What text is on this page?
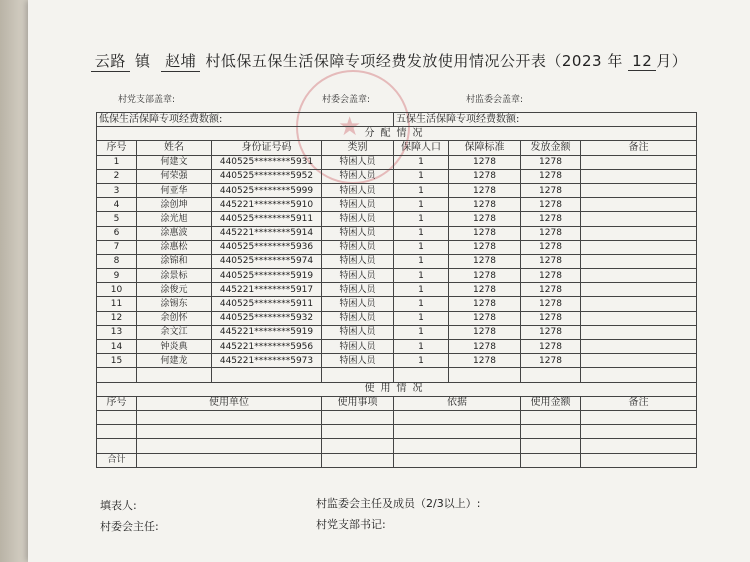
云路 镇 赵埔 村低保五保生活保障专项经费发放使用情况公开表（2023 年 12 月）
★
村党支部盖章:	村委会盖章:	村监委会盖章:
低保生活保障专项经费数额:				五保生活保障专项经费数额:			
分配情况							
序号	姓名	身份证号码	类别	保障人口	保障标准	发放金额	备注
1	何建文	440525********5931	特困人员	1	1278	1278	
2	何荣强	440525********5952	特困人员	1	1278	1278	
3	何亚华	440525********5999	特困人员	1	1278	1278	
4	涂创坤	445221********5910	特困人员	1	1278	1278	
5	涂光旭	440525********5911	特困人员	1	1278	1278	
6	涂惠波	445221********5914	特困人员	1	1278	1278	
7	涂惠松	440525********5936	特困人员	1	1278	1278	
8	涂锦和	440525********5974	特困人员	1	1278	1278	
9	涂景标	440525********5919	特困人员	1	1278	1278	
10	涂俊元	445221********5917	特困人员	1	1278	1278	
11	涂锡东	440525********5911	特困人员	1	1278	1278	
12	余创怀	440525********5932	特困人员	1	1278	1278	
13	余文江	445221********5919	特困人员	1	1278	1278	
14	钟炎典	445221********5956	特困人员	1	1278	1278	
15	何建龙	445221********5973	特困人员	1	1278	1278	

使用情况							
序号	使用单位		使用事项	依据		使用金额	备注

合计							
填表人:	村监委会主任及成员（2/3以上）:
村委会主任:	村党支部书记:
